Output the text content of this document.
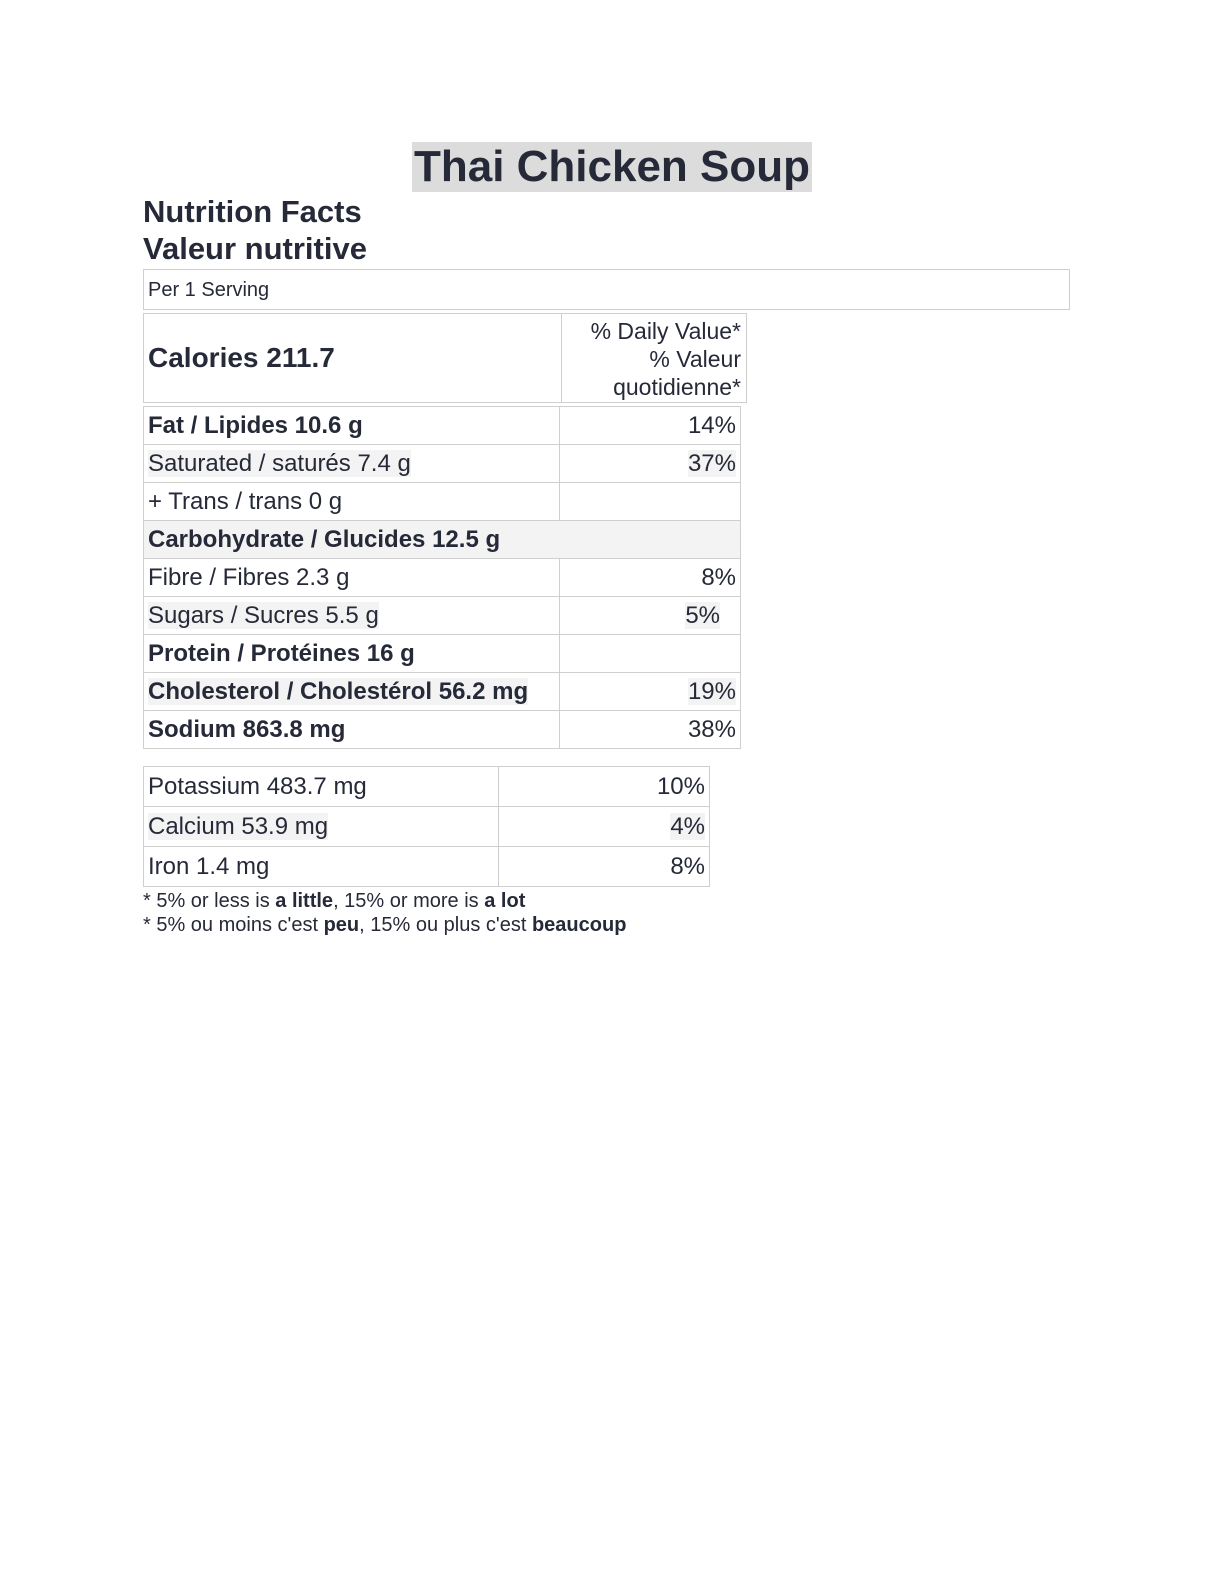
Thai Chicken Soup
Nutrition Facts
Valeur nutritive
Per 1 Serving
Calories 211.7
% Daily Value*
% Valeur
quotidienne*
Fat / Lipides 10.6 g	14%
Saturated / saturés 7.4 g	37%
+ Trans / trans 0 g	
Carbohydrate / Glucides 12.5 g	
Fibre / Fibres 2.3 g	8%
Sugars / Sucres 5.5 g	5%
Protein / Protéines 16 g	
Cholesterol / Cholestérol 56.2 mg	19%
Sodium 863.8 mg	38%
Potassium 483.7 mg	10%
Calcium 53.9 mg	4%
Iron 1.4 mg	8%
* 5% or less is a little, 15% or more is a lot
* 5% ou moins c'est peu, 15% ou plus c'est beaucoup
